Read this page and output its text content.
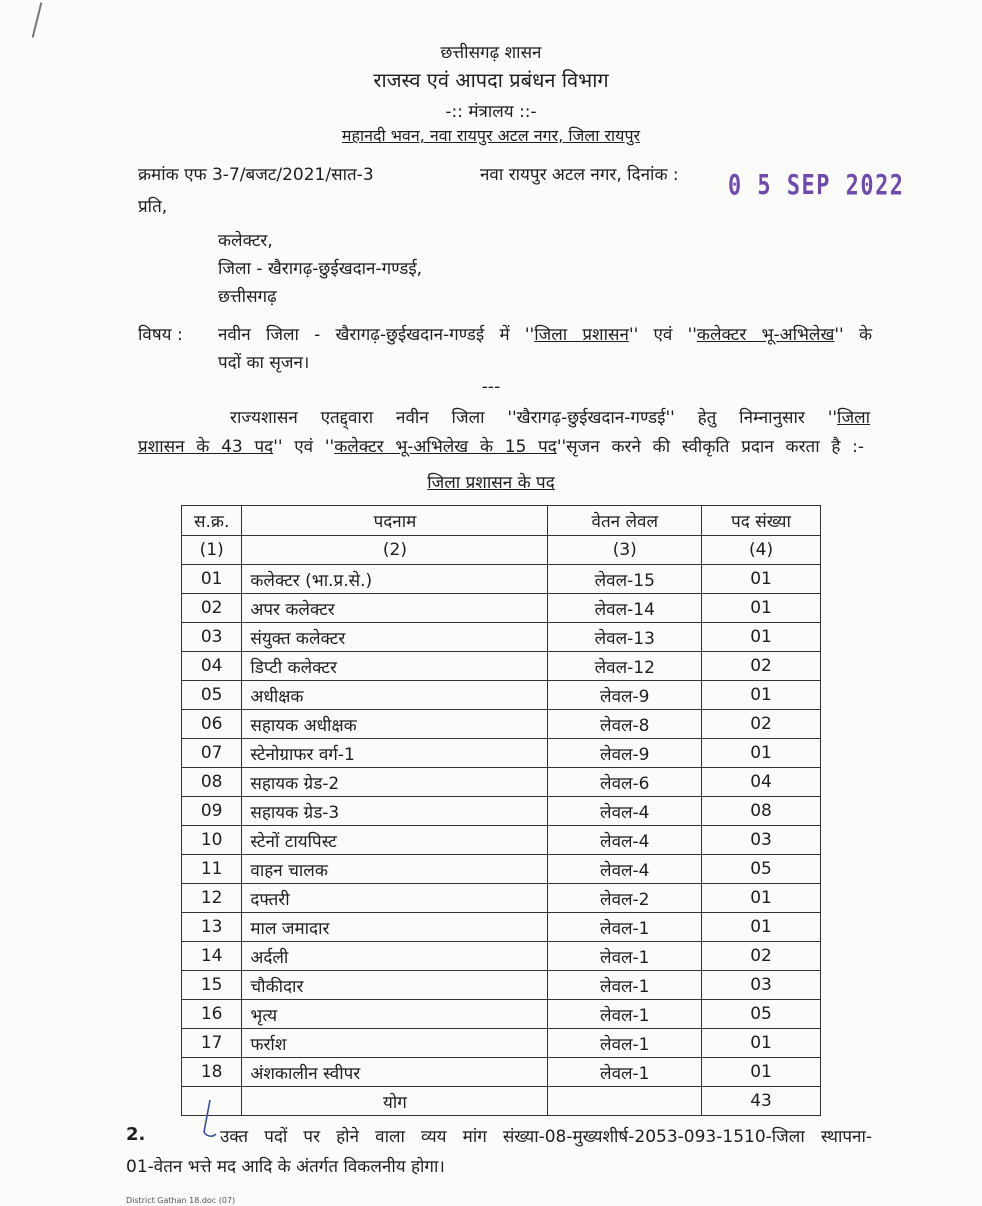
छत्तीसगढ़ शासन
राजस्व एवं आपदा प्रबंधन विभाग
-:: मंत्रालय ::-
महानदी भवन, नवा रायपुर अटल नगर, जिला रायपुर
क्रमांक एफ 3-7/बजट/2021/सात-3	नवा रायपुर अटल नगर, दिनांक : 0 5 SEP 2022
प्रति,
कलेक्टर,
जिला - खैरागढ़-छुईखदान-गण्डई,
छत्तीसगढ़
विषय : नवीन जिला - खैरागढ़-छुईखदान-गण्डई में ''जिला प्रशासन'' एवं ''कलेक्टर भू-अभिलेख'' के
पदों का सृजन।
---
राज्यशासन एतद्द्वारा नवीन जिला ''खैरागढ़-छुईखदान-गण्डई'' हेतु निम्नानुसार ''जिला
प्रशासन के 43 पद'' एवं ''कलेक्टर भू-अभिलेख के 15 पद''सृजन करने की स्वीकृति प्रदान करता है :-
जिला प्रशासन के पद
स.क्र.	पदनाम	वेतन लेवल	पद संख्या
(1)	(2)	(3)	(4)
01	कलेक्टर (भा.प्र.से.)	लेवल-15	01
02	अपर कलेक्टर	लेवल-14	01
03	संयुक्त कलेक्टर	लेवल-13	01
04	डिप्टी कलेक्टर	लेवल-12	02
05	अधीक्षक	लेवल-9	01
06	सहायक अधीक्षक	लेवल-8	02
07	स्टेनोग्राफर वर्ग-1	लेवल-9	01
08	सहायक ग्रेड-2	लेवल-6	04
09	सहायक ग्रेड-3	लेवल-4	08
10	स्टेनों टायपिस्ट	लेवल-4	03
11	वाहन चालक	लेवल-4	05
12	दफ्तरी	लेवल-2	01
13	माल जमादार	लेवल-1	01
14	अर्दली	लेवल-1	02
15	चौकीदार	लेवल-1	03
16	भृत्य	लेवल-1	05
17	फर्राश	लेवल-1	01
18	अंशकालीन स्वीपर	लेवल-1	01
	योग		43
2.	उक्त पदों पर होने वाला व्यय मांग संख्या-08-मुख्यशीर्ष-2053-093-1510-जिला स्थापना-
01-वेतन भत्ते मद आदि के अंतर्गत विकलनीय होगा।
District Gathan 18.doc (07)
